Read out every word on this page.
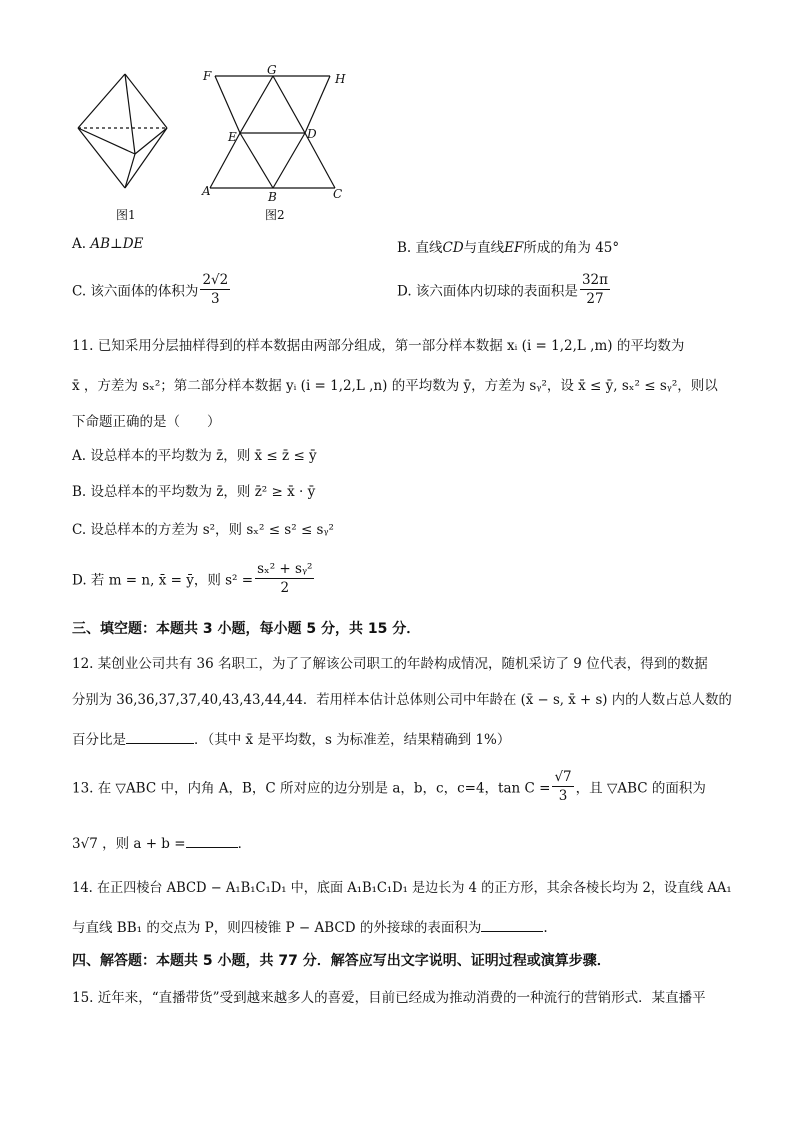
图1
F	G
H
E	D
A	B	C
图2
A. AB⊥DE	B. 直线CD与直线EF所成的角为 45°
C. 该六面体的体积为 $\frac{2√2}{3}$	D. 该六面体内切球的表面积是 $\frac{32\pi}{27}$
11. 已知采用分层抽样得到的样本数据由两部分组成，第一部分样本数据 xᵢ (i = 1,2,L ,m) 的平均数为
x̄ ，方差为 sₓ²；第二部分样本数据 yᵢ (i = 1,2,L ,n) 的平均数为 ȳ，方差为 sᵧ²，设 x̄ ≤ ȳ, sₓ² ≤ sᵧ²，则以
下命题正确的是（　　）
A. 设总样本的平均数为 z̄，则 x̄ ≤ z̄ ≤ ȳ
B. 设总样本的平均数为 z̄，则 z̄² ≥ x̄ · ȳ
C. 设总样本的方差为 s²，则 sₓ² ≤ s² ≤ sᵧ²
D. 若 m = n, x̄ = ȳ，则 $s^2 = \frac{\text{sₓ² + sᵧ²}}{2}$
三、填空题：本题共 3 小题，每小题 5 分，共 15 分．
12. 某创业公司共有 36 名职工，为了了解该公司职工的年龄构成情况，随机采访了 9 位代表，得到的数据
分别为 36,36,37,37,40,43,43,44,44．若用样本估计总体则公司中年龄在 (x̄ − s, x̄ + s) 内的人数占总人数的
百分比是	．（其中 x̄ 是平均数，s 为标准差，结果精确到 1%）
13. 在 ▽ABC 中，内角 A，B，C 所对应的边分别是 a，b，c，c=4，$\tan C = \frac{√7}{3}$ ，且 ▽ABC 的面积为
3√7 ，则 a + b =	．
14. 在正四棱台 ABCD − A₁B₁C₁D₁ 中，底面 A₁B₁C₁D₁ 是边长为 4 的正方形，其余各棱长均为 2，设直线 AA₁
与直线 BB₁ 的交点为 P，则四棱锥 P − ABCD 的外接球的表面积为	.
四、解答题：本题共 5 小题，共 77 分．解答应写出文字说明、证明过程或演算步骤．
15. 近年来，“直播带货”受到越来越多人的喜爱，目前已经成为推动消费的一种流行的营销形式．某直播平
